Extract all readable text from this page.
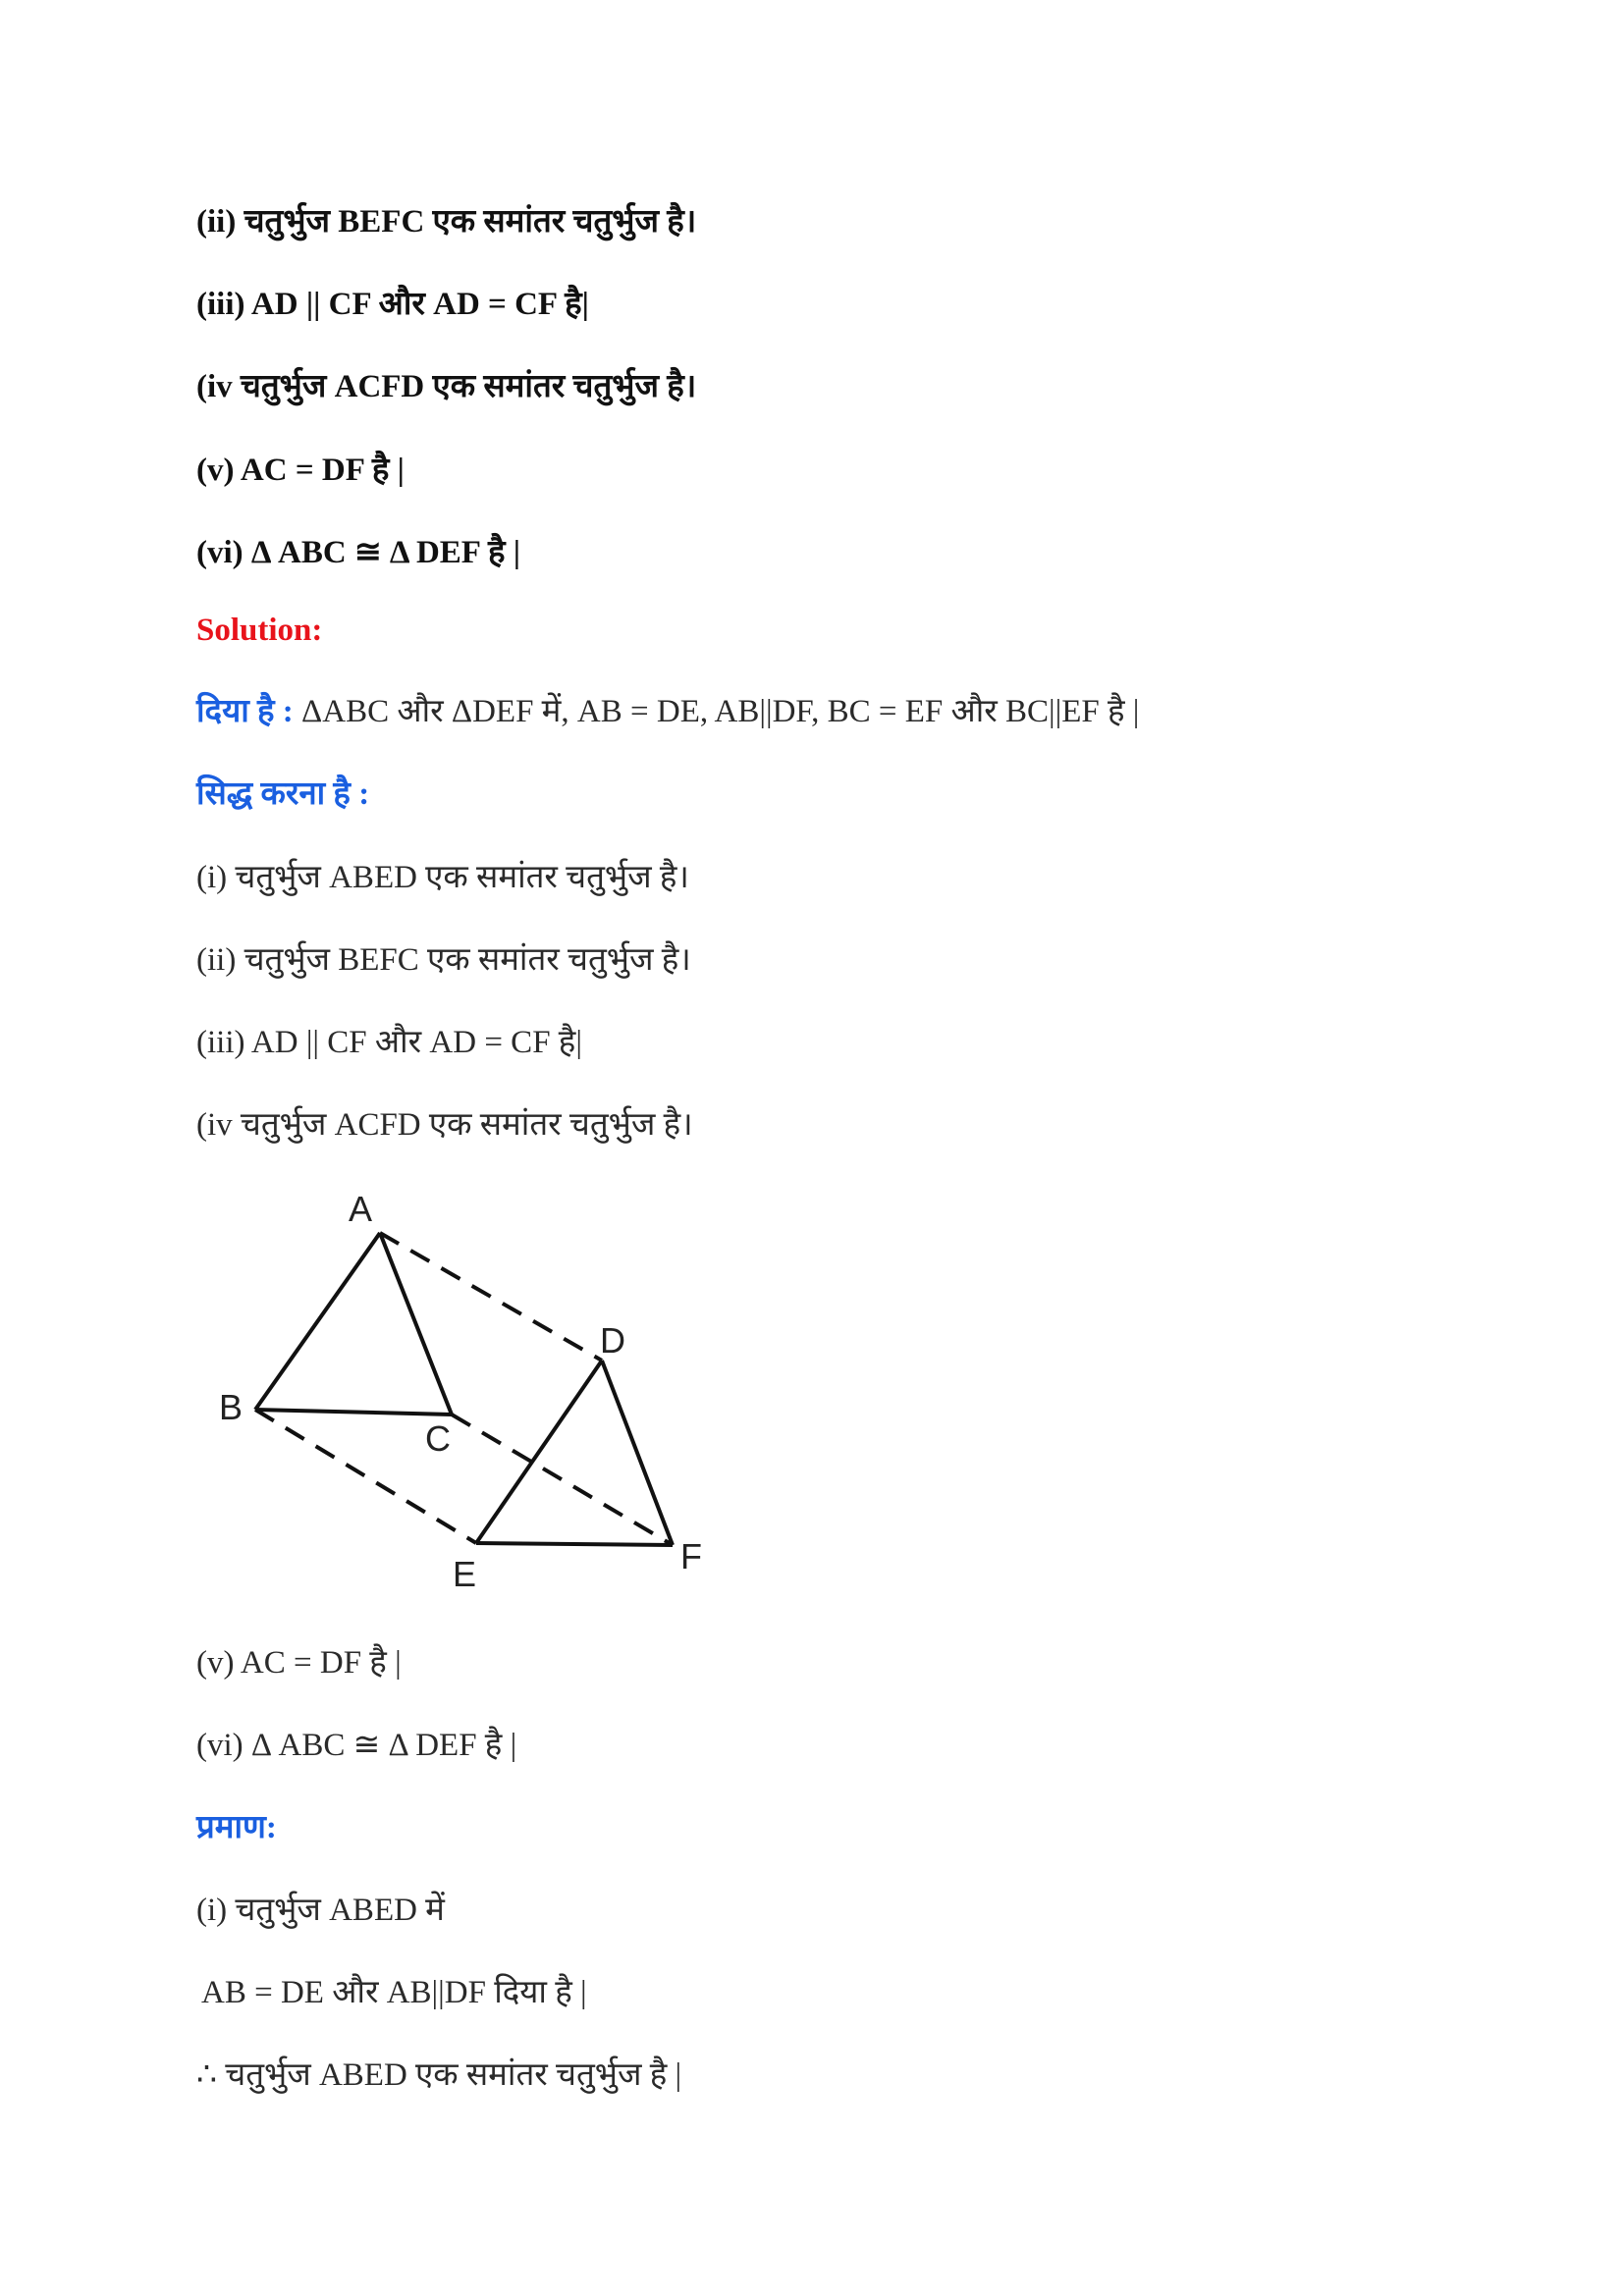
(ii) चतुर्भुज BEFC एक समांतर चतुर्भुज है।
(iii) AD || CF और AD = CF है|
(iv चतुर्भुज ACFD एक समांतर चतुर्भुज है।
(v) AC = DF है |
(vi) Δ ABC ≅ Δ DEF है |
Solution:
दिया है : ΔABC और ΔDEF में, AB = DE, AB||DF, BC = EF और BC||EF है |
सिद्ध करना है :
(i) चतुर्भुज ABED एक समांतर चतुर्भुज है।
(ii) चतुर्भुज BEFC एक समांतर चतुर्भुज है।
(iii) AD || CF और AD = CF है|
(iv चतुर्भुज ACFD एक समांतर चतुर्भुज है।
A
B
C
D
E	F
(v) AC = DF है |
(vi) Δ ABC ≅ Δ DEF है |
प्रमाण:
(i) चतुर्भुज ABED में
AB = DE और AB||DF दिया है |
∴ चतुर्भुज ABED एक समांतर चतुर्भुज है |
